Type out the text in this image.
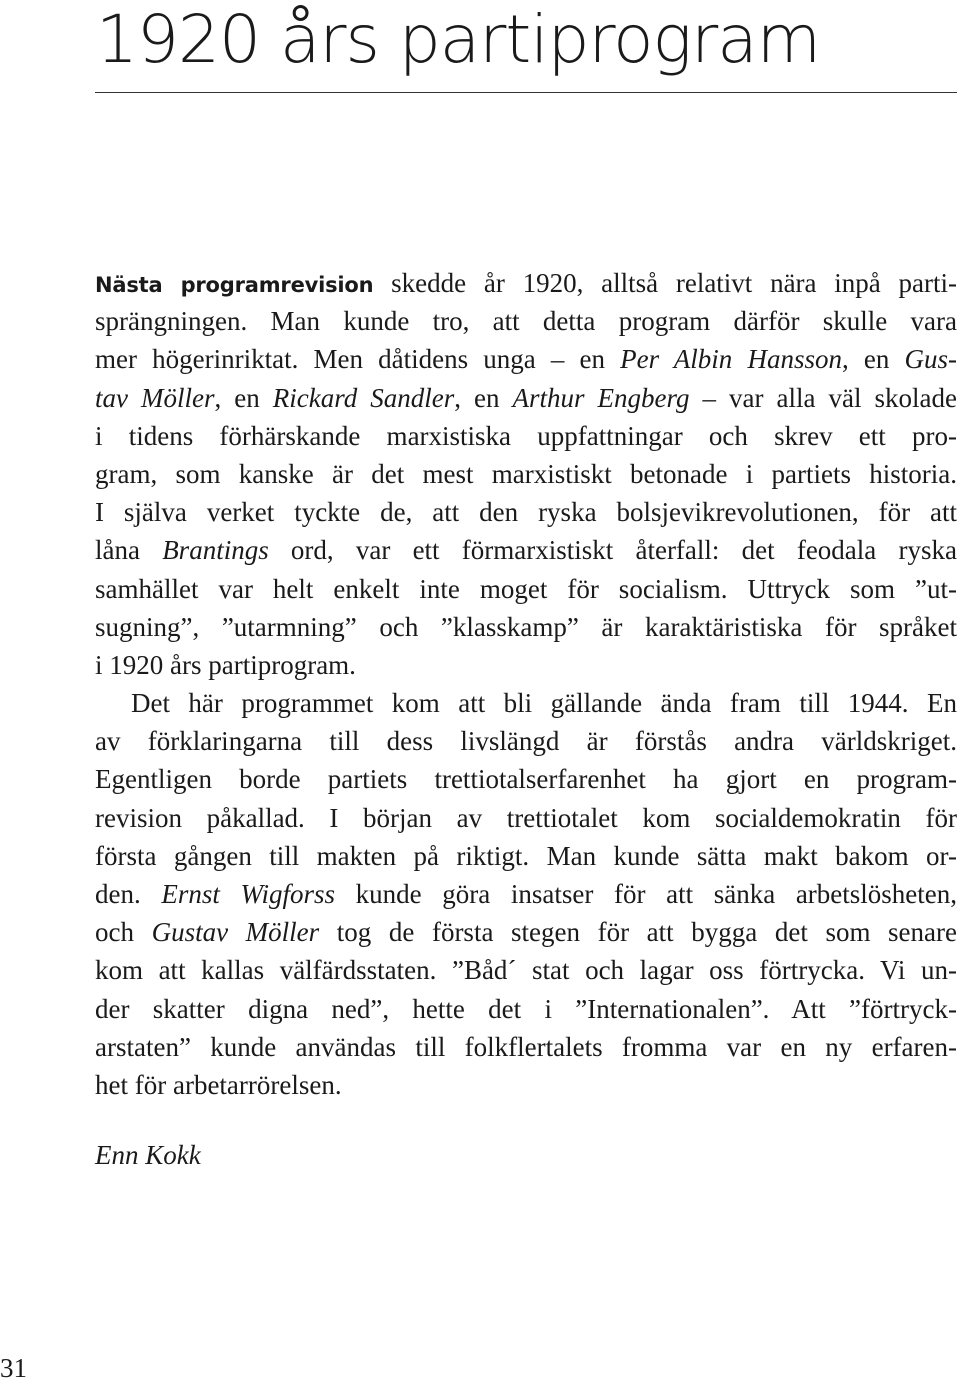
1920 års partiprogram
Nästa programrevision skedde år 1920, alltså relativt nära inpå parti-
sprängningen. Man kunde tro, att detta program därför skulle vara
mer högerinriktat. Men dåtidens unga – en Per Albin Hansson, en Gus-
tav Möller, en Rickard Sandler, en Arthur Engberg – var alla väl skolade
i tidens förhärskande marxistiska uppfattningar och skrev ett pro-
gram, som kanske är det mest marxistiskt betonade i partiets historia.
I själva verket tyckte de, att den ryska bolsjevikrevolutionen, för att
låna Brantings ord, var ett förmarxistiskt återfall: det feodala ryska
samhället var helt enkelt inte moget för socialism. Uttryck som ”ut-
sugning”, ”utarmning” och ”klasskamp” är karaktäristiska för språket
i 1920 års partiprogram.
Det här programmet kom att bli gällande ända fram till 1944. En
av förklaringarna till dess livslängd är förstås andra världskriget.
Egentligen borde partiets trettiotalserfarenhet ha gjort en program-
revision påkallad. I början av trettiotalet kom socialdemokratin för
första gången till makten på riktigt. Man kunde sätta makt bakom or-
den. Ernst Wigforss kunde göra insatser för att sänka arbetslösheten,
och Gustav Möller tog de första stegen för att bygga det som senare
kom att kallas välfärdsstaten. ”Båd´ stat och lagar oss förtrycka. Vi un-
der skatter digna ned”, hette det i ”Internationalen”. Att ”förtryck-
arstaten” kunde användas till folkflertalets fromma var en ny erfaren-
het för arbetarrörelsen.
Enn Kokk
31
